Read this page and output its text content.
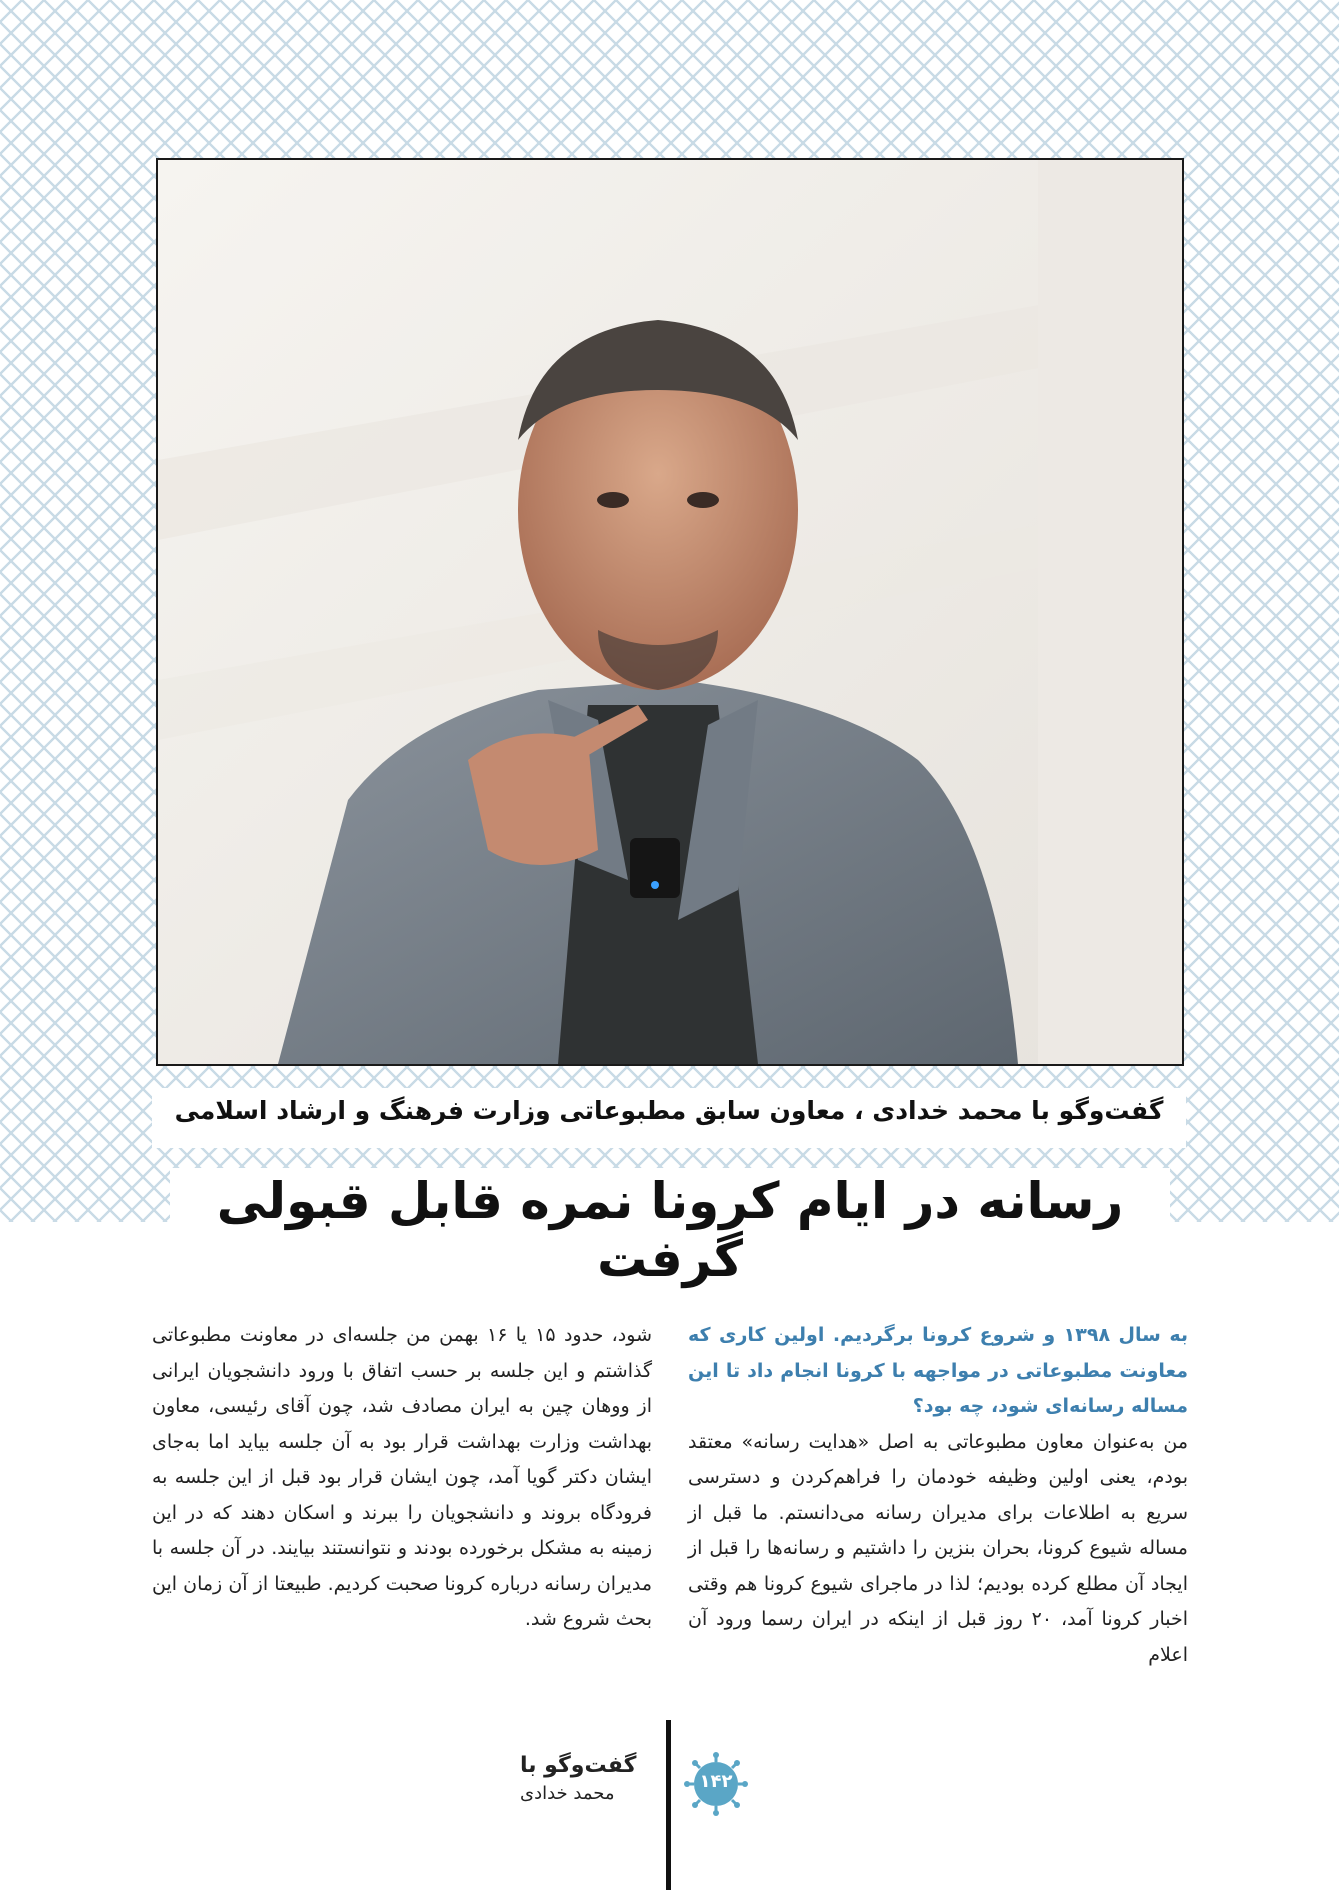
گفت‌وگو با محمد خدادی ، معاون سابق مطبوعاتی وزارت فرهنگ و ارشاد اسلامی
رسانه در ایام کرونا نمره قابل قبولی گرفت

به سال ۱۳۹۸ و شروع کرونا برگردیم. اولین کاری که معاونت مطبوعاتی در مواجهه با کرونا انجام داد تا این مساله رسانه‌ای شود، چه بود؟

من به‌عنوان معاون مطبوعاتی به اصل «هدایت رسانه» معتقد بودم، یعنی اولین وظیفه خودمان را فراهم‌کردن و دسترسی سریع به اطلاعات برای مدیران رسانه می‌دانستم. ما قبل از مساله شیوع کرونا، بحران بنزین را داشتیم و رسانه‌ها را قبل از ایجاد آن مطلع کرده بودیم؛ لذا در ماجرای شیوع کرونا هم وقتی اخبار کرونا آمد، ۲۰ روز قبل از اینکه در ایران رسما ورود آن اعلام

شود، حدود ۱۵ یا ۱۶ بهمن من جلسه‌ای در معاونت مطبوعاتی گذاشتم و این جلسه بر حسب اتفاق با ورود دانشجویان ایرانی از ووهان چین به ایران مصادف شد، چون آقای رئیسی، معاون بهداشت وزارت بهداشت قرار بود به آن جلسه بیاید اما به‌جای ایشان دکتر گویا آمد، چون ایشان قرار بود قبل از این جلسه به فرودگاه بروند و دانشجویان را ببرند و اسکان دهند که در این زمینه به مشکل برخورده بودند و نتوانستند بیایند. در آن جلسه با مدیران رسانه درباره کرونا صحبت کردیم. طبیعتا از آن زمان این بحث شروع شد.

گفت‌وگو با
محمد خدادی
۱۴۲
